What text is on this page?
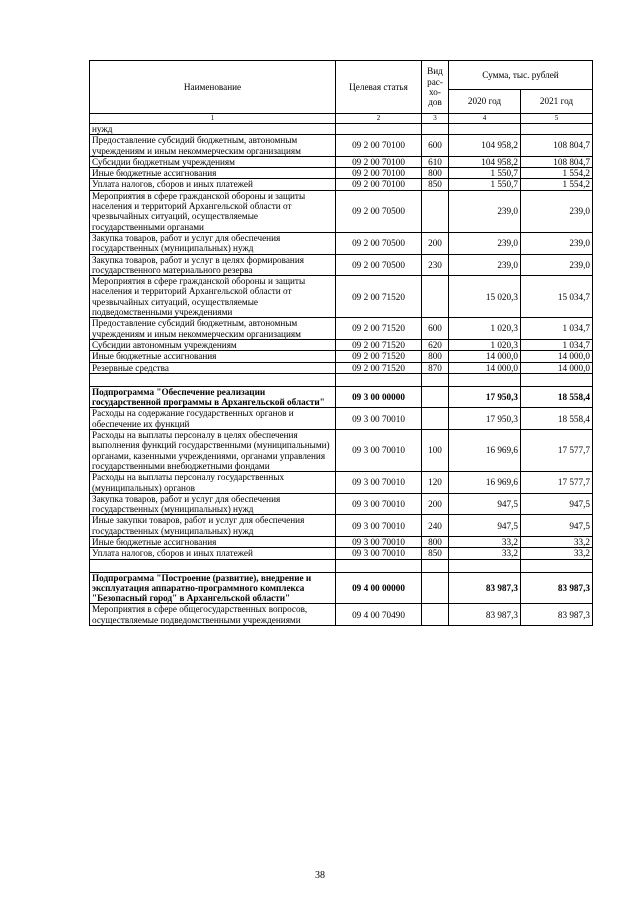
Наименование	Целевая статья	Вид рас-хо-дов	Сумма, тыс. рублей	
			2020 год	2021 год
1	2	3	4	5
нужд				
Предоставление субсидий бюджетным, автономным учреждениям и иным некоммерческим организациям	09 2 00 70100	600	104 958,2	108 804,7
Субсидии бюджетным учреждениям	09 2 00 70100	610	104 958,2	108 804,7
Иные бюджетные ассигнования	09 2 00 70100	800	1 550,7	1 554,2
Уплата налогов, сборов и иных платежей	09 2 00 70100	850	1 550,7	1 554,2
Мероприятия в сфере гражданской обороны и защиты населения и территорий Архангельской области от чрезвычайных ситуаций, осуществляемые государственными органами	09 2 00 70500		239,0	239,0
Закупка товаров, работ и услуг для обеспечения государственных (муниципальных) нужд	09 2 00 70500	200	239,0	239,0
Закупка товаров, работ и услуг в целях формирования государственного материального резерва	09 2 00 70500	230	239,0	239,0
Мероприятия в сфере гражданской обороны и защиты населения и территорий Архангельской области от чрезвычайных ситуаций, осуществляемые подведомственными учреждениями	09 2 00 71520		15 020,3	15 034,7
Предоставление субсидий бюджетным, автономным учреждениям и иным некоммерческим организациям	09 2 00 71520	600	1 020,3	1 034,7
Субсидии автономным учреждениям	09 2 00 71520	620	1 020,3	1 034,7
Иные бюджетные ассигнования	09 2 00 71520	800	14 000,0	14 000,0
Резервные средства	09 2 00 71520	870	14 000,0	14 000,0

Подпрограмма "Обеспечение реализации государственной программы в Архангельской области"	09 3 00 00000		17 950,3	18 558,4
Расходы на содержание государственных органов и обеспечение их функций	09 3 00 70010		17 950,3	18 558,4
Расходы на выплаты персоналу в целях обеспечения выполнения функций государственными (муниципальными) органами, казенными учреждениями, органами управления государственными внебюджетными фондами	09 3 00 70010	100	16 969,6	17 577,7
Расходы на выплаты персоналу государственных (муниципальных) органов	09 3 00 70010	120	16 969,6	17 577,7
Закупка товаров, работ и услуг для обеспечения государственных (муниципальных) нужд	09 3 00 70010	200	947,5	947,5
Иные закупки товаров, работ и услуг для обеспечения государственных (муниципальных) нужд	09 3 00 70010	240	947,5	947,5
Иные бюджетные ассигнования	09 3 00 70010	800	33,2	33,2
Уплата налогов, сборов и иных платежей	09 3 00 70010	850	33,2	33,2

Подпрограмма "Построение (развитие), внедрение и эксплуатация аппаратно-программного комплекса "Безопасный город" в Архангельской области"	09 4 00 00000		83 987,3	83 987,3
Мероприятия в сфере общегосударственных вопросов, осуществляемые подведомственными учреждениями	09 4 00 70490		83 987,3	83 987,3
38
